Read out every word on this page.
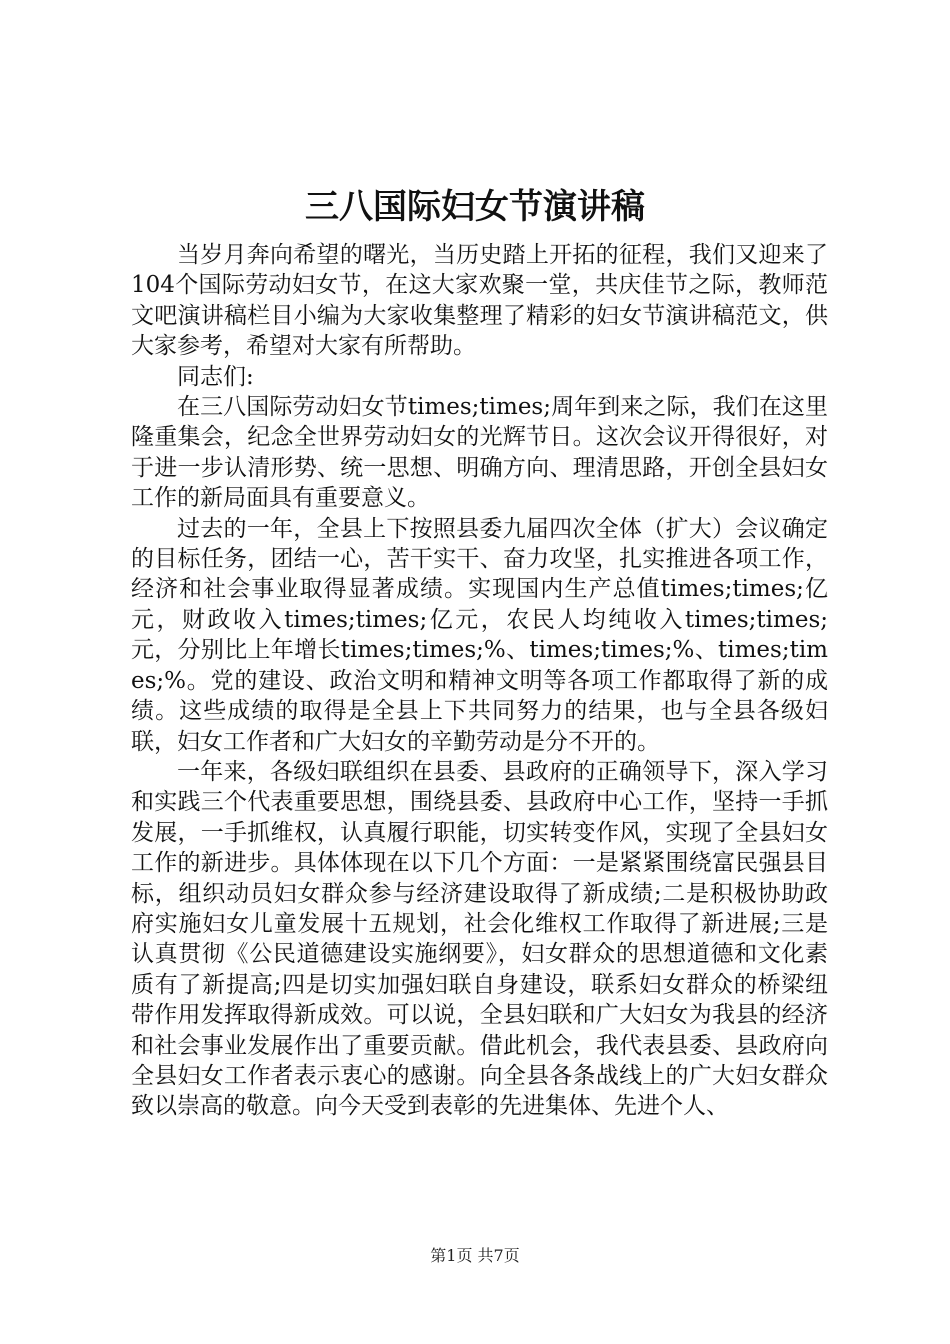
三八国际妇女节演讲稿

当岁月奔向希望的曙光，当历史踏上开拓的征程，我们又迎来了104个国际劳动妇女节，在这大家欢聚一堂，共庆佳节之际，教师范文吧演讲稿栏目小编为大家收集整理了精彩的妇女节演讲稿范文，供大家参考，希望对大家有所帮助。

同志们:

在三八国际劳动妇女节times;times;周年到来之际，我们在这里隆重集会，纪念全世界劳动妇女的光辉节日。这次会议开得很好，对于进一步认清形势、统一思想、明确方向、理清思路，开创全县妇女工作的新局面具有重要意义。

过去的一年，全县上下按照县委九届四次全体（扩大）会议确定的目标任务，团结一心，苦干实干、奋力攻坚，扎实推进各项工作，经济和社会事业取得显著成绩。实现国内生产总值times;times;亿元，财政收入times;times;亿元，农民人均纯收入times;times;元，分别比上年增长times;times;%、times;times;%、times;times;%。党的建设、政治文明和精神文明等各项工作都取得了新的成绩。这些成绩的取得是全县上下共同努力的结果，也与全县各级妇联，妇女工作者和广大妇女的辛勤劳动是分不开的。

一年来，各级妇联组织在县委、县政府的正确领导下，深入学习和实践三个代表重要思想，围绕县委、县政府中心工作，坚持一手抓发展，一手抓维权，认真履行职能，切实转变作风，实现了全县妇女工作的新进步。具体体现在以下几个方面：一是紧紧围绕富民强县目标，组织动员妇女群众参与经济建设取得了新成绩;二是积极协助政府实施妇女儿童发展十五规划，社会化维权工作取得了新进展;三是认真贯彻《公民道德建设实施纲要》，妇女群众的思想道德和文化素质有了新提高;四是切实加强妇联自身建设，联系妇女群众的桥梁纽带作用发挥取得新成效。可以说，全县妇联和广大妇女为我县的经济和社会事业发展作出了重要贡献。借此机会，我代表县委、县政府向全县妇女工作者表示衷心的感谢。向全县各条战线上的广大妇女群众致以崇高的敬意。向今天受到表彰的先进集体、先进个人、

第1页 共7页
